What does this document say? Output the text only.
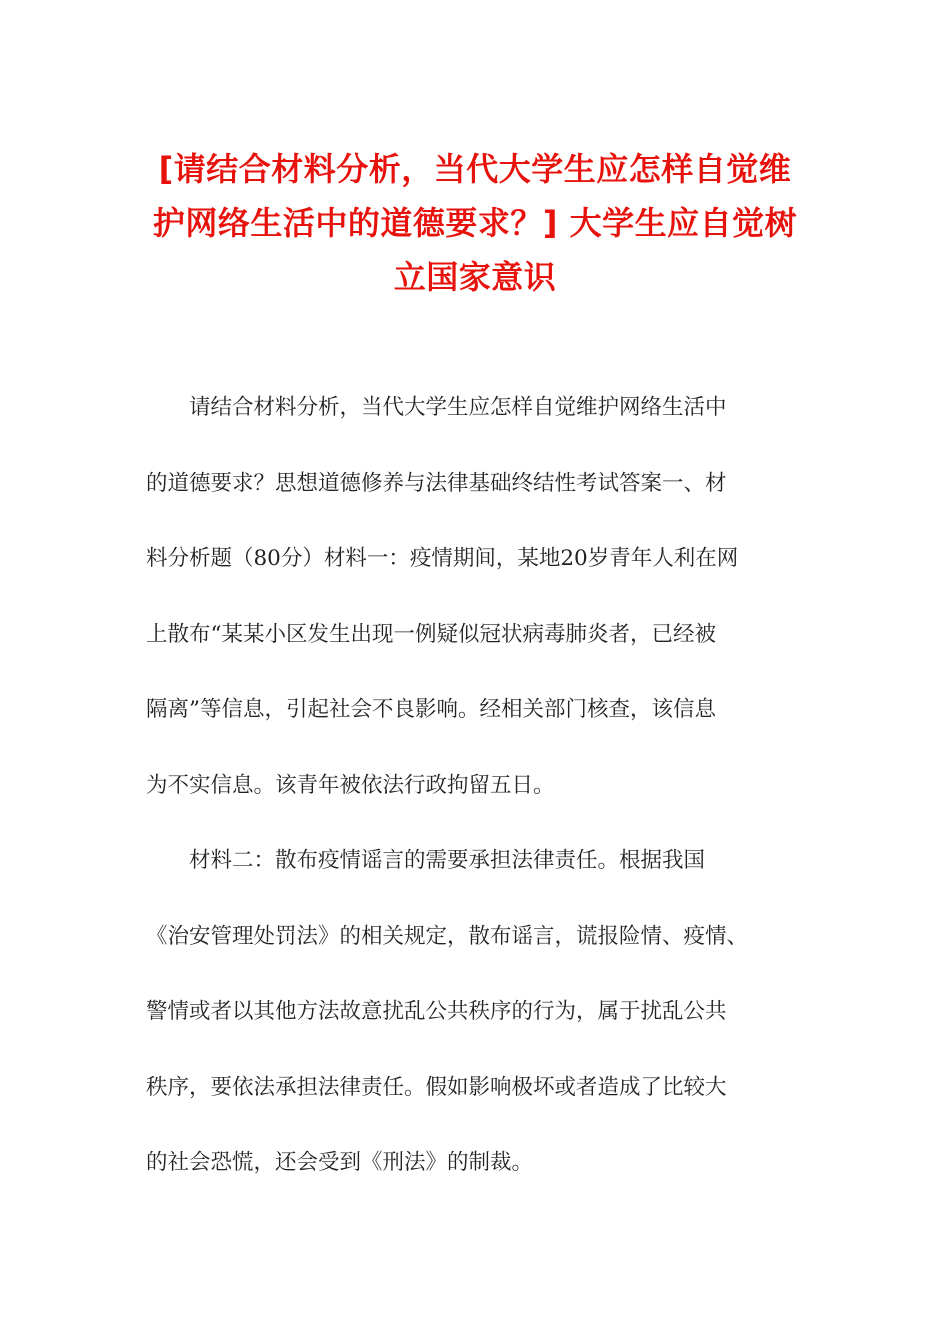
[请结合材料分析，当代大学生应怎样自觉维
护网络生活中的道德要求？] 大学生应自觉树
立国家意识

请结合材料分析，当代大学生应怎样自觉维护网络生活中
的道德要求？思想道德修养与法律基础终结性考试答案一、材
料分析题（80分）材料一：疫情期间，某地20岁青年人利在网
上散布“某某小区发生出现一例疑似冠状病毒肺炎者，已经被
隔离”等信息，引起社会不良影响。经相关部门核查，该信息
为不实信息。该青年被依法行政拘留五日。

材料二：散布疫情谣言的需要承担法律责任。根据我国
《治安管理处罚法》的相关规定，散布谣言，谎报险情、疫情、
警情或者以其他方法故意扰乱公共秩序的行为，属于扰乱公共
秩序，要依法承担法律责任。假如影响极坏或者造成了比较大
的社会恐慌，还会受到《刑法》的制裁。
